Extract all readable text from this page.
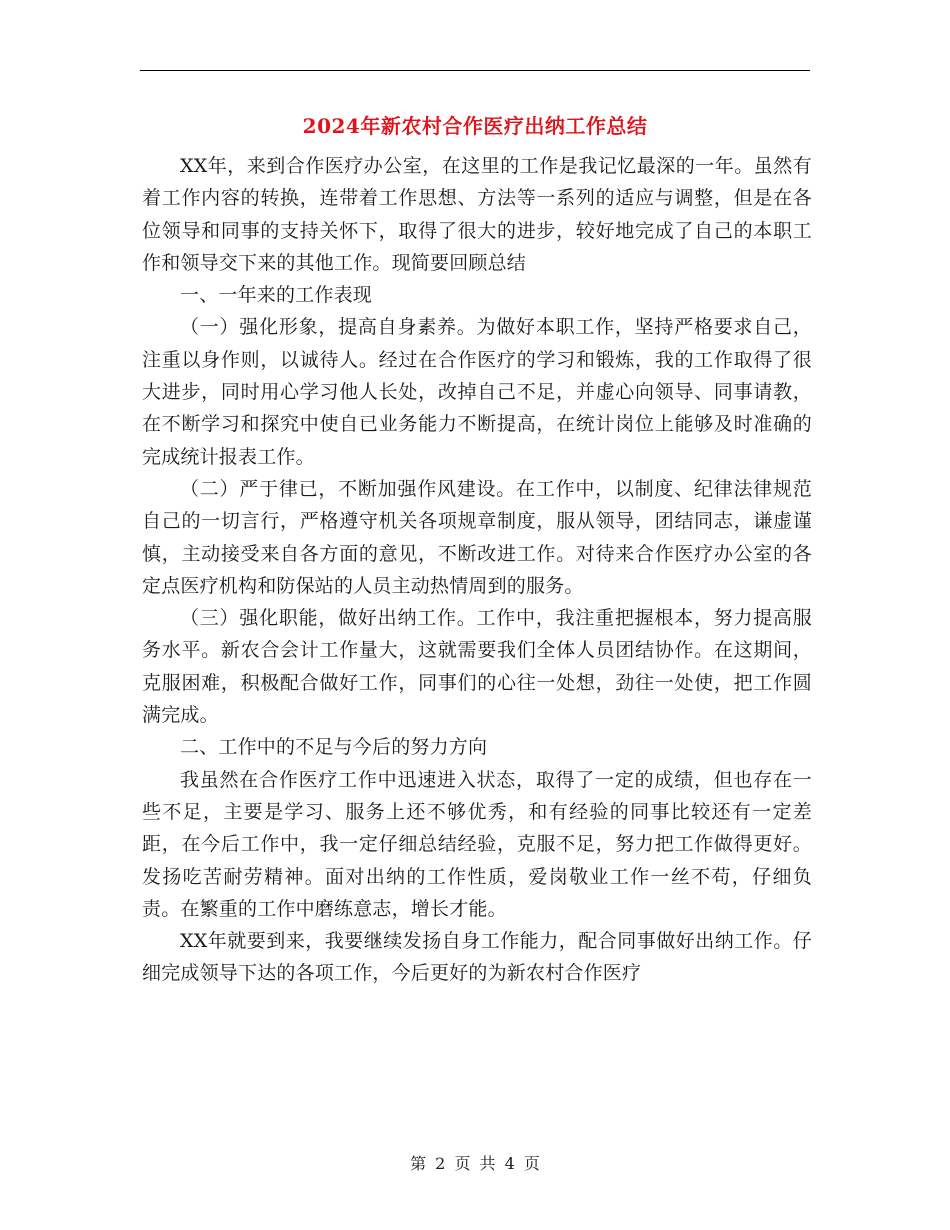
2024年新农村合作医疗出纳工作总结

XX年，来到合作医疗办公室，在这里的工作是我记忆最深的一年。虽然有着工作内容的转换，连带着工作思想、方法等一系列的适应与调整，但是在各位领导和同事的支持关怀下，取得了很大的进步，较好地完成了自己的本职工作和领导交下来的其他工作。现简要回顾总结

一、一年来的工作表现

（一）强化形象，提高自身素养。为做好本职工作，坚持严格要求自己，注重以身作则，以诚待人。经过在合作医疗的学习和锻炼，我的工作取得了很大进步，同时用心学习他人长处，改掉自己不足，并虚心向领导、同事请教，在不断学习和探究中使自已业务能力不断提高，在统计岗位上能够及时准确的完成统计报表工作。

（二）严于律已，不断加强作风建设。在工作中，以制度、纪律法律规范自己的一切言行，严格遵守机关各项规章制度，服从领导，团结同志，谦虚谨慎，主动接受来自各方面的意见，不断改进工作。对待来合作医疗办公室的各定点医疗机构和防保站的人员主动热情周到的服务。

（三）强化职能，做好出纳工作。工作中，我注重把握根本，努力提高服务水平。新农合会计工作量大，这就需要我们全体人员团结协作。在这期间，克服困难，积极配合做好工作，同事们的心往一处想，劲往一处使，把工作圆满完成。

二、工作中的不足与今后的努力方向

我虽然在合作医疗工作中迅速进入状态，取得了一定的成绩，但也存在一些不足，主要是学习、服务上还不够优秀，和有经验的同事比较还有一定差距，在今后工作中，我一定仔细总结经验，克服不足，努力把工作做得更好。发扬吃苦耐劳精神。面对出纳的工作性质，爱岗敬业工作一丝不苟，仔细负责。在繁重的工作中磨练意志，增长才能。

XX年就要到来，我要继续发扬自身工作能力，配合同事做好出纳工作。仔细完成领导下达的各项工作，今后更好的为新农村合作医疗

第 2 页 共 4 页
